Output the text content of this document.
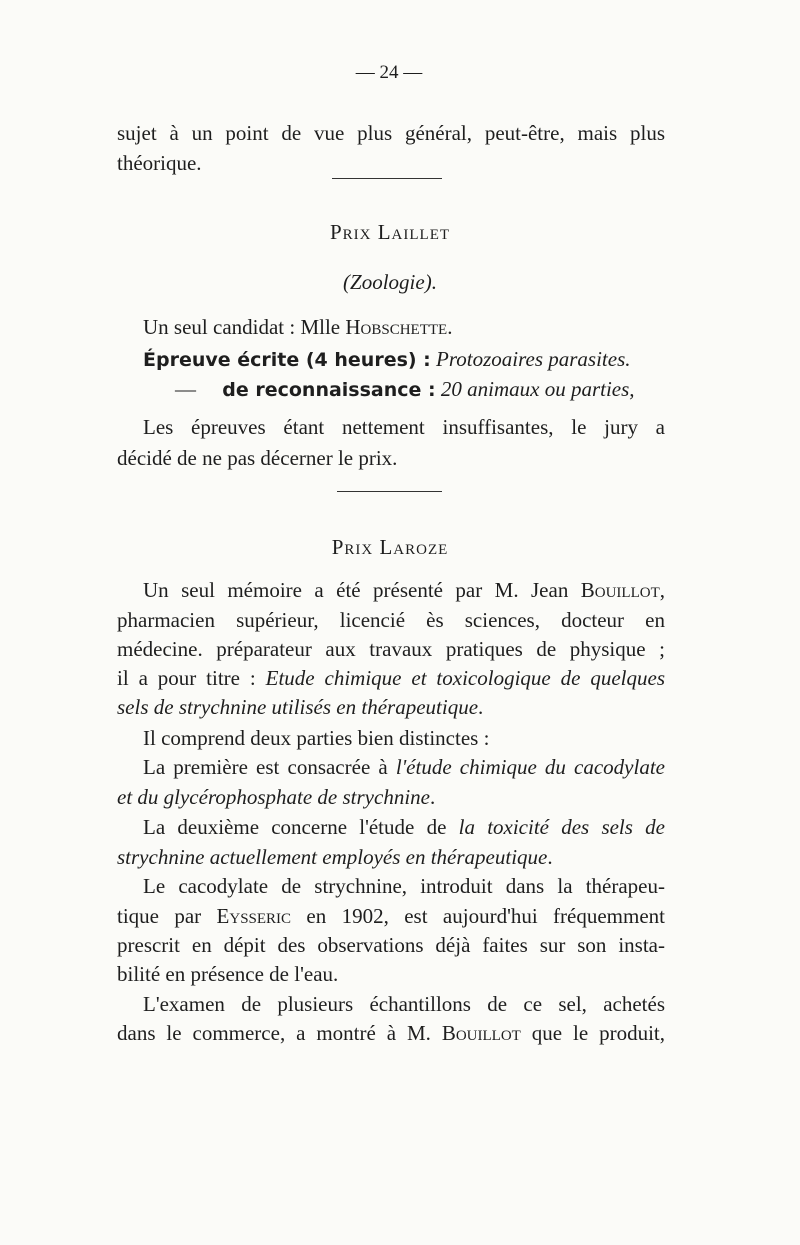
— 24 —
sujet à un point de vue plus général, peut-être, mais plus
théorique.
Prix Laillet
(Zoologie).
Un seul candidat : Mlle Hobschette.
Épreuve écrite (4 heures) : Protozoaires parasites.
— de reconnaissance : 20 animaux ou parties,
Les épreuves étant nettement insuffisantes, le jury a
décidé de ne pas décerner le prix.
Prix Laroze
Un seul mémoire a été présenté par M. Jean Bouillot,
pharmacien supérieur, licencié ès sciences, docteur en
médecine. préparateur aux travaux pratiques de physique ;
il a pour titre : Etude chimique et toxicologique de quelques
sels de strychnine utilisés en thérapeutique.
Il comprend deux parties bien distinctes :
La première est consacrée à l'étude chimique du cacodylate
et du glycérophosphate de strychnine.
La deuxième concerne l'étude de la toxicité des sels de
strychnine actuellement employés en thérapeutique.
Le cacodylate de strychnine, introduit dans la thérapeu-
tique par Eysseric en 1902, est aujourd'hui fréquemment
prescrit en dépit des observations déjà faites sur son insta-
bilité en présence de l'eau.
L'examen de plusieurs échantillons de ce sel, achetés
dans le commerce, a montré à M. Bouillot que le produit,
